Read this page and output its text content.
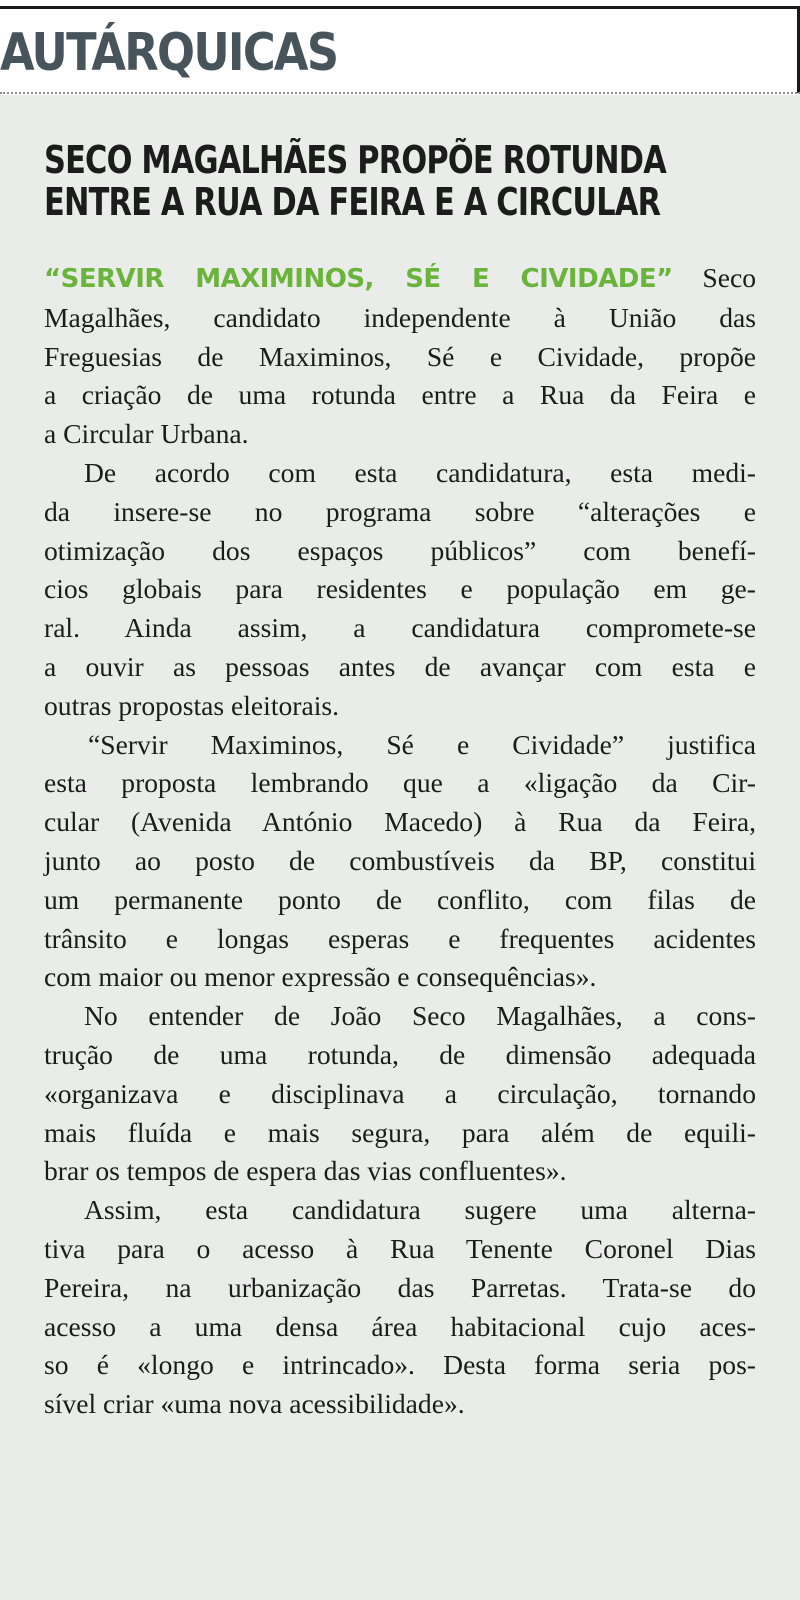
AUTÁRQUICAS
SECO MAGALHÃES PROPÕE ROTUNDA
ENTRE A RUA DA FEIRA E A CIRCULAR
“SERVIR MAXIMINOS, SÉ E CIVIDADE” Seco
Magalhães, candidato independente à União das
Freguesias de Maximinos, Sé e Cividade, propõe
a criação de uma rotunda entre a Rua da Feira e
a Circular Urbana.
De acordo com esta candidatura, esta medi-
da insere-se no programa sobre “alterações e
otimização dos espaços públicos” com benefí-
cios globais para residentes e população em ge-
ral. Ainda assim, a candidatura compromete-se
a ouvir as pessoas antes de avançar com esta e
outras propostas eleitorais.
“Servir Maximinos, Sé e Cividade” justifica
esta proposta lembrando que a «ligação da Cir-
cular (Avenida António Macedo) à Rua da Feira,
junto ao posto de combustíveis da BP, constitui
um permanente ponto de conflito, com filas de
trânsito e longas esperas e frequentes acidentes
com maior ou menor expressão e consequências».
No entender de João Seco Magalhães, a cons-
trução de uma rotunda, de dimensão adequada
«organizava e disciplinava a circulação, tornando
mais fluída e mais segura, para além de equili-
brar os tempos de espera das vias confluentes».
Assim, esta candidatura sugere uma alterna-
tiva para o acesso à Rua Tenente Coronel Dias
Pereira, na urbanização das Parretas. Trata-se do
acesso a uma densa área habitacional cujo aces-
so é «longo e intrincado». Desta forma seria pos-
sível criar «uma nova acessibilidade».
